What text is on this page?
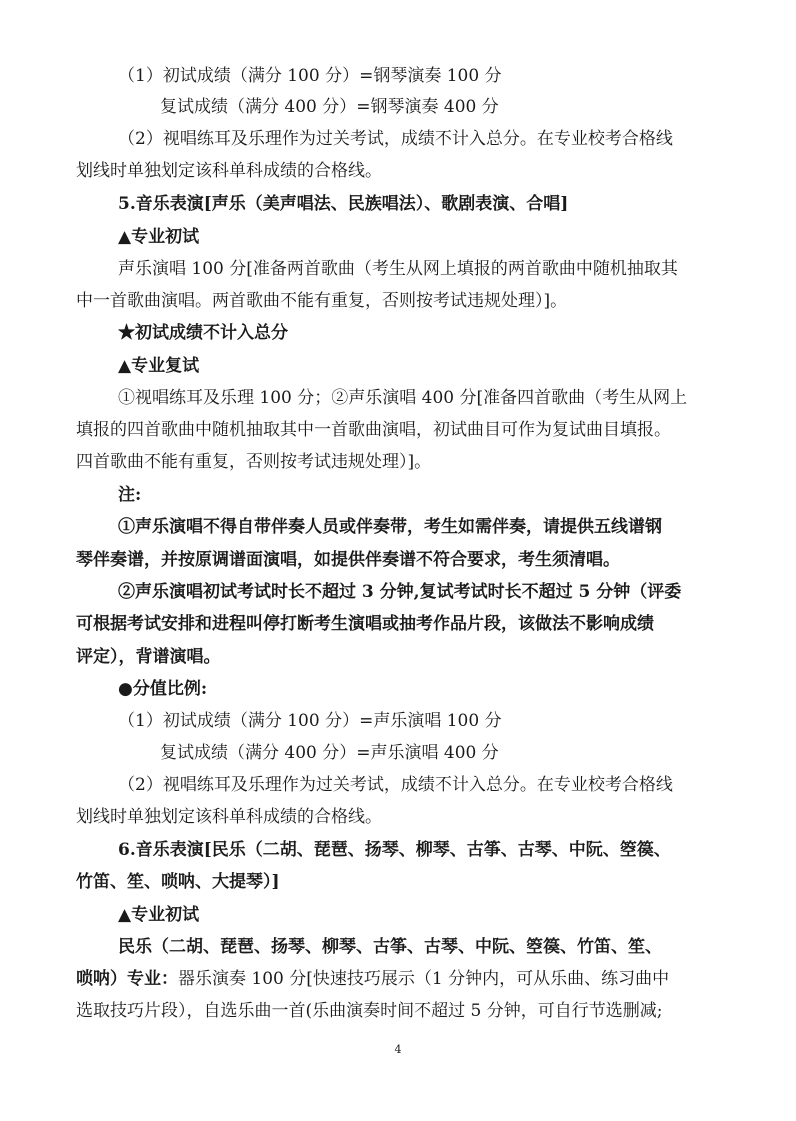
（1）初试成绩（满分 100 分）=钢琴演奏 100 分
复试成绩（满分 400 分）=钢琴演奏 400 分
（2）视唱练耳及乐理作为过关考试，成绩不计入总分。在专业校考合格线
划线时单独划定该科单科成绩的合格线。
5.音乐表演[声乐（美声唱法、民族唱法）、歌剧表演、合唱]
▲专业初试
声乐演唱 100 分[准备两首歌曲（考生从网上填报的两首歌曲中随机抽取其
中一首歌曲演唱。两首歌曲不能有重复，否则按考试违规处理）]。
★初试成绩不计入总分
▲专业复试
①视唱练耳及乐理 100 分；②声乐演唱 400 分[准备四首歌曲（考生从网上
填报的四首歌曲中随机抽取其中一首歌曲演唱，初试曲目可作为复试曲目填报。
四首歌曲不能有重复，否则按考试违规处理）]。
注:
①声乐演唱不得自带伴奏人员或伴奏带，考生如需伴奏，请提供五线谱钢
琴伴奏谱，并按原调谱面演唱，如提供伴奏谱不符合要求，考生须清唱。
②声乐演唱初试考试时长不超过 3 分钟,复试考试时长不超过 5 分钟（评委
可根据考试安排和进程叫停打断考生演唱或抽考作品片段，该做法不影响成绩
评定），背谱演唱。
●分值比例:
（1）初试成绩（满分 100 分）=声乐演唱 100 分
复试成绩（满分 400 分）=声乐演唱 400 分
（2）视唱练耳及乐理作为过关考试，成绩不计入总分。在专业校考合格线
划线时单独划定该科单科成绩的合格线。
6.音乐表演[民乐（二胡、琵琶、扬琴、柳琴、古筝、古琴、中阮、箜篌、
竹笛、笙、唢呐、大提琴）]
▲专业初试
民乐（二胡、琵琶、扬琴、柳琴、古筝、古琴、中阮、箜篌、竹笛、笙、
唢呐）专业：器乐演奏 100 分[快速技巧展示（1 分钟内，可从乐曲、练习曲中
选取技巧片段），自选乐曲一首(乐曲演奏时间不超过 5 分钟，可自行节选删减;
4
